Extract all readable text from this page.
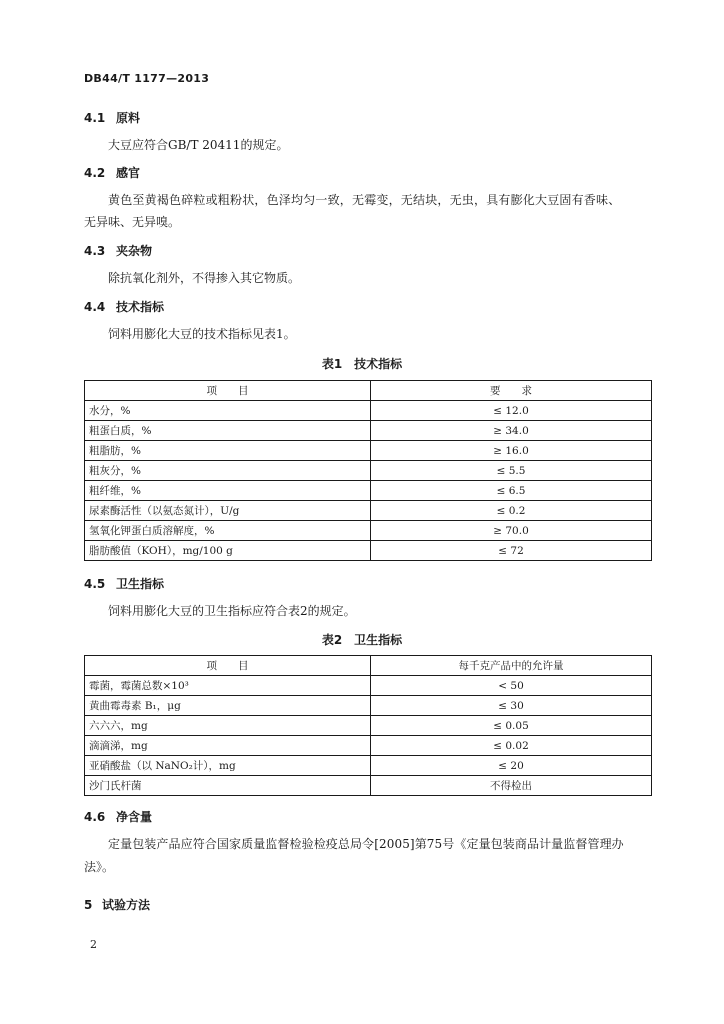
DB44/T 1177—2013
4.1 原料
大豆应符合GB/T 20411的规定。
4.2 感官
黄色至黄褐色碎粒或粗粉状，色泽均匀一致，无霉变，无结块，无虫，具有膨化大豆固有香味、
无异味、无异嗅。
4.3 夹杂物
除抗氧化剂外，不得掺入其它物质。
4.4 技术指标
饲料用膨化大豆的技术指标见表1。
表1　技术指标
项　　目	要　　求
水分，%	≤ 12.0
粗蛋白质，%	≥ 34.0
粗脂肪，%	≥ 16.0
粗灰分，%	≤ 5.5
粗纤维，%	≤ 6.5
尿素酶活性（以氨态氮计），U/g	≤ 0.2
氢氧化钾蛋白质溶解度，%	≥ 70.0
脂肪酸值（KOH），mg/100 g	≤ 72
4.5 卫生指标
饲料用膨化大豆的卫生指标应符合表2的规定。
表2　卫生指标
项　　目	每千克产品中的允许量
霉菌，霉菌总数×10³	< 50
黄曲霉毒素 B₁，μg	≤ 30
六六六，mg	≤ 0.05
滴滴涕，mg	≤ 0.02
亚硝酸盐（以 NaNO₂计），mg	≤ 20
沙门氏杆菌	不得检出
4.6 净含量
定量包装产品应符合国家质量监督检验检疫总局令[2005]第75号《定量包装商品计量监督管理办
法》。
5 试验方法
2
